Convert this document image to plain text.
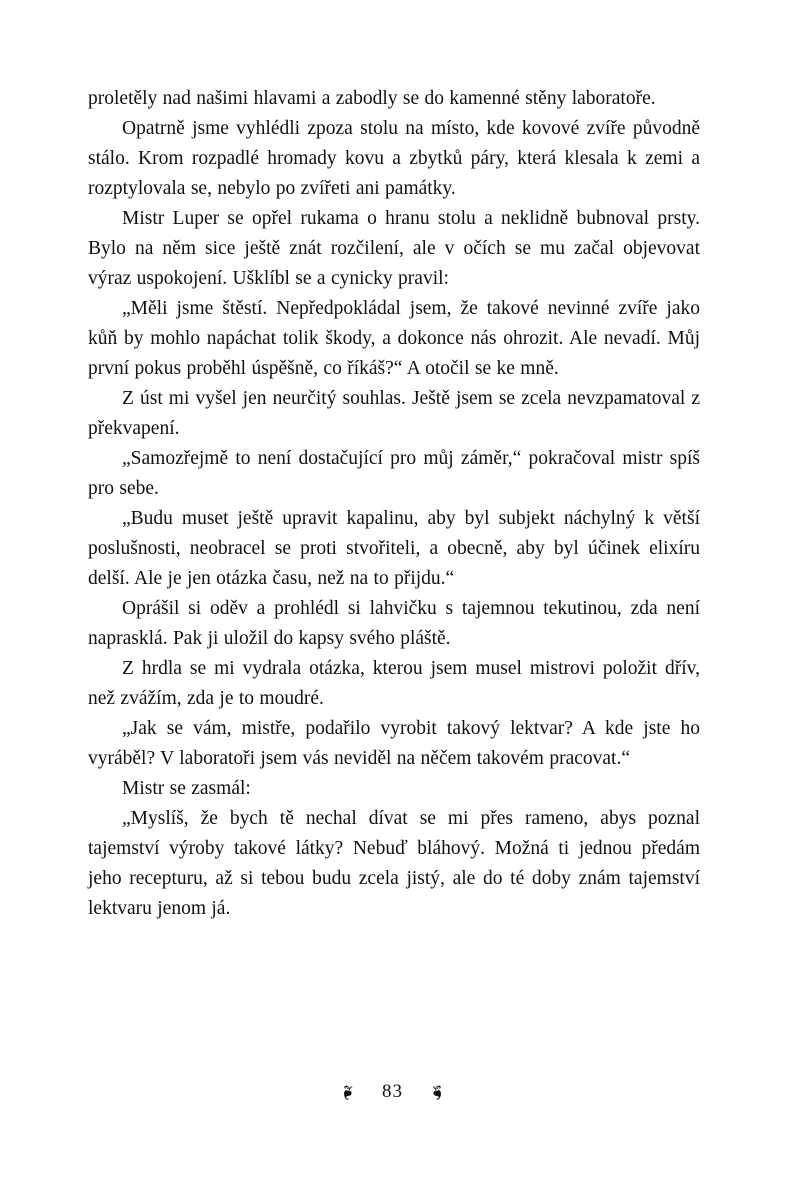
proletěly nad našimi hlavami a zabodly se do kamenné stěny laboratoře.

Opatrně jsme vyhlédli zpoza stolu na místo, kde kovové zvíře původně stálo. Krom rozpadlé hromady kovu a zbytků páry, která klesala k zemi a rozptylovala se, nebylo po zvířeti ani památky.

Mistr Luper se opřel rukama o hranu stolu a neklidně bubnoval prsty. Bylo na něm sice ještě znát rozčilení, ale v očích se mu začal objevovat výraz uspokojení. Ušklíbl se a cynicky pravil:

„Měli jsme štěstí. Nepředpokládal jsem, že takové nevinné zvíře jako kůň by mohlo napáchat tolik škody, a dokonce nás ohrozit. Ale nevadí. Můj první pokus proběhl úspěšně, co říkáš?“ A otočil se ke mně.

Z úst mi vyšel jen neurčitý souhlas. Ještě jsem se zcela nevzpamatoval z překvapení.

„Samozřejmě to není dostačující pro můj záměr,“ pokračoval mistr spíš pro sebe.

„Budu muset ještě upravit kapalinu, aby byl subjekt náchylný k větší poslušnosti, neobracel se proti stvořiteli, a obecně, aby byl účinek elixíru delší. Ale je jen otázka času, než na to přijdu.“

Oprášil si oděv a prohlédl si lahvičku s tajemnou tekutinou, zda není naprasklá. Pak ji uložil do kapsy svého pláště.

Z hrdla se mi vydrala otázka, kterou jsem musel mistrovi položit dřív, než zvážím, zda je to moudré.

„Jak se vám, mistře, podařilo vyrobit takový lektvar? A kde jste ho vyráběl? V laboratoři jsem vás neviděl na něčem takovém pracovat.“

Mistr se zasmál:

„Myslíš, že bych tě nechal dívat se mi přes rameno, abys poznal tajemství výroby takové látky? Nebuď bláhový. Možná ti jednou předám jeho recepturu, až si tebou budu zcela jistý, ale do té doby znám tajemství lektvaru jenom já.

❧ 83 ❧
